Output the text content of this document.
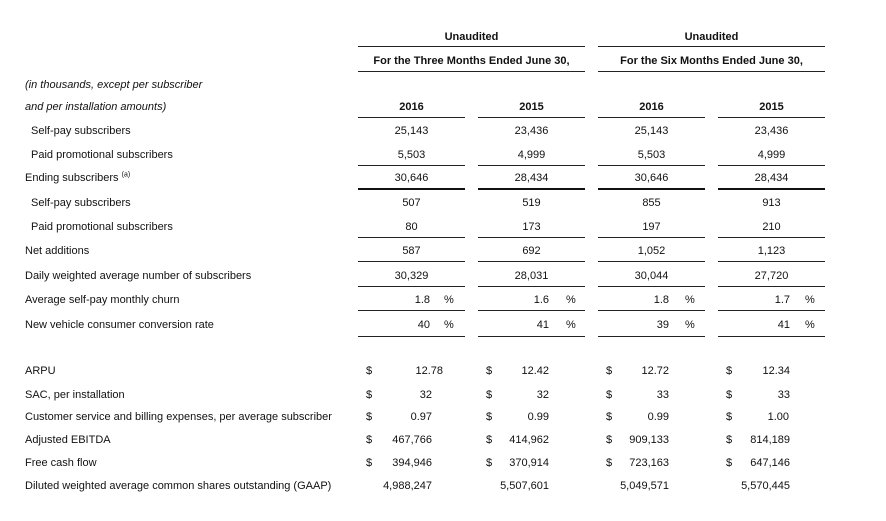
Unaudited	Unaudited
For the Three Months Ended June 30,	For the Six Months Ended June 30,
(in thousands, except per subscriber
and per installation amounts)	2016	2015	2016	2015
Self-pay subscribers	25,143	23,436	25,143	23,436
Paid promotional subscribers	5,503	4,999	5,503	4,999
Ending subscribers $^{(a)}$	30,646	28,434	30,646	28,434
Self-pay subscribers	507	519	855	913
Paid promotional subscribers	80	173	197	210
Net additions	587	692	1,052	1,123
Daily weighted average number of subscribers	30,329	28,031	30,044	27,720
Average self-pay monthly churn	1.8 %	1.6 %	1.8 %	1.7 %
New vehicle consumer conversion rate	40 %	41 %	39 %	41 %
ARPU	$	12.78	$	12.42	$	12.72	$	12.34
SAC, per installation	$	32	$	32	$	33	$	33
Customer service and billing expenses, per average subscriber	$	0.97	$	0.99	$	0.99	$	1.00
Adjusted EBITDA	$	467,766	$	414,962	$	909,133	$	814,189
Free cash flow	$	394,946	$	370,914	$	723,163	$	647,146
Diluted weighted average common shares outstanding (GAAP)	4,988,247	5,507,601	5,049,571	5,570,445
